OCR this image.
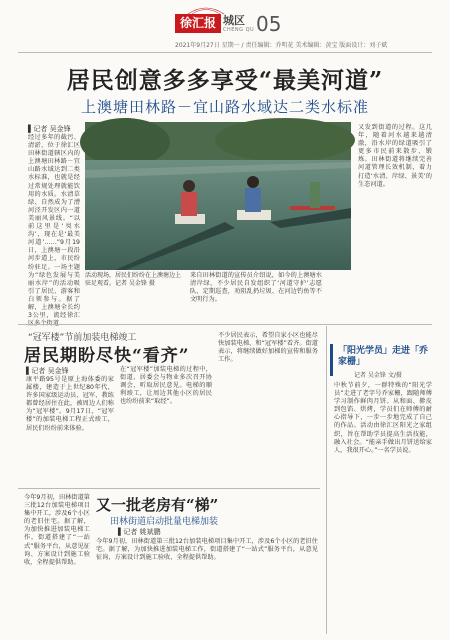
徐汇报 城区
CHENG QU 05
2021年9月27日 星期一 / 责任编辑：乔明花 美术编辑：黄宝 版面设计：刘子斌
居民创意多多享受“最美河道”
上澳塘田林路－宜山路水域达二类水标准
▌记者 吴金锋
经过多年的截污、清淤，位于徐汇区田林街道辖区内的上澳塘田林路－宜山路水域达到二类水标准，也就是经过常规处理就能饮用的水质。水清草绿、自然成为了漕河泾开发区内一道美丽风景线。“以前这里是‘臭水沟’，现在是‘最美河道’……”9月19日，上澳塘一段沿河步道上，市民纷纷驻足。一场主题为“绿色发展与美丽水岸”的活动吸引了居民、游客和白领参与。据了解，上澳塘全长约3公里，流经徐汇
活动现场，居民们纷纷在上澳塘边上驻足观看。记者 吴金锋 摄
来自田林街道的宣传员介绍说，如今的上澳塘水清岸绿，不少居民自发组织了‘河道守护’志愿队，定期巡查，劝阻乱扔垃圾、在河边钓鱼等不文明行为。
又发到街道的过程。这几年，随着河水越来越清澈，沿水岸的绿道吸引了更多市民前来散步、锻炼。田林街道将继续完善河道管理长效机制，着力打造‘水清、岸绿、景美’的生态河道。
“冠军楼”节前加装电梯竣工
居民期盼尽快“看齐”
▌记者 吴金锋
康平路95号是原上海体委的家属楼，建造于上世纪80年代，许多国家级运动员、冠军、教练都曾经居住在此，被周边人们称为“冠军楼”。9月17日，“冠军楼”的加装电梯工程正式竣工，居民们纷纷前来体验。
在“冠军楼”加装电梯的过程中，街道、居委会与物业多次召开协调会，听取居民意见。电梯的顺利竣工，让周边其他小区的居民也纷纷前来“取经”。
不少居民表示，希望自家小区也能尽快加装电梯，和“冠军楼”看齐。街道表示，将继续做好加梯的宣传和服务工作。
又一批老房有“梯”
田林街道启动批量电梯加装
▌记者 姚斌鹏
今年9月初，田林街道第三批12台加装电梯项目集中开工，涉及6个小区的老旧住宅。据了解，为加快推进加装电梯工作，街道搭建了“一站式”服务平台，从意见征询、方案设计到施工验收，全程提供帮助。
今年9月初，田林街道第三批12台加装电梯项目集中开工，涉及6个小区的老旧住宅。据了解，为加快推进加装电梯工作，街道搭建了“一站式”服务平台，从意见征询、方案设计到施工验收，全程提供帮助。
「阳光学员」走进「乔家栅」
记者 吴金锋 文/摄
中秋节前夕，一群特殊的“阳光学员”走进了老字号乔家栅，跟随师傅学习制作鲜肉月饼。从和面、擀皮到包馅、烘烤，学员们在师傅的耐心指导下，一步一步地完成了自己的作品。活动由徐汇区阳光之家组织，旨在帮助学员提高生活技能，融入社会。“能亲手做出月饼送给家人，我很开心。”一名学员说。
